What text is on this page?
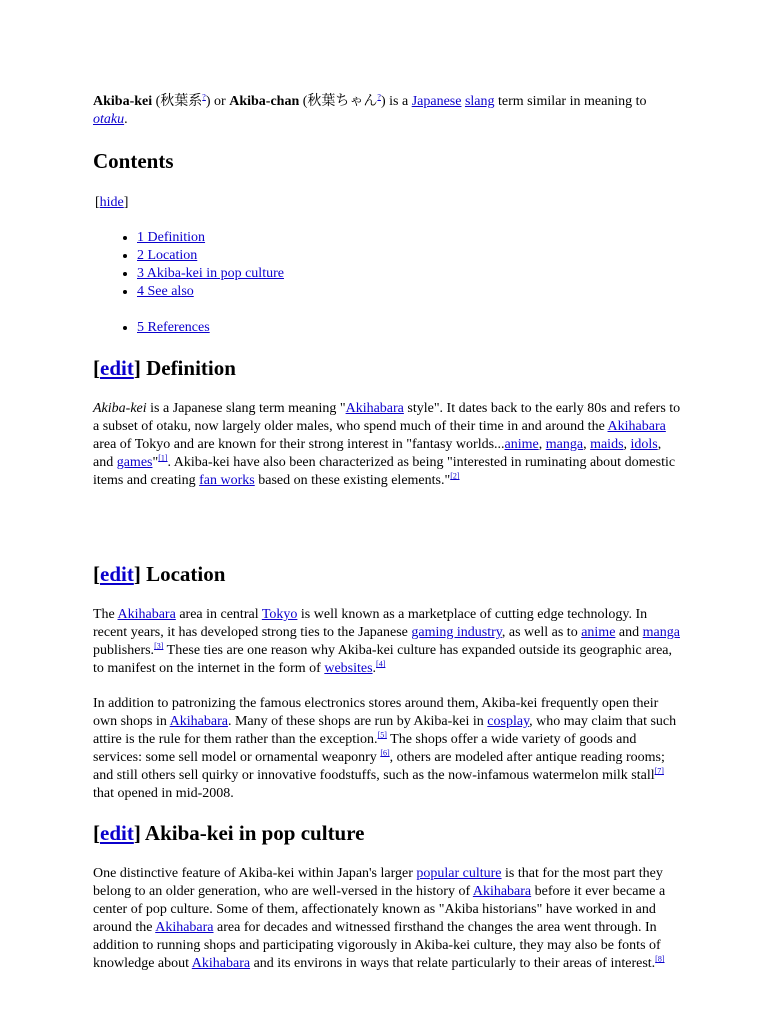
Akiba-kei (秋葉系?) or Akiba-chan (秋葉ちゃん?) is a Japanese slang term similar in meaning to otaku.

Contents

[hide]

• 1 Definition
• 2 Location
• 3 Akiba-kei in pop culture
• 4 See also
• 5 References
[edit] Definition

Akiba-kei is a Japanese slang term meaning "Akihabara style". It dates back to the early 80s and refers to a subset of otaku, now largely older males, who spend much of their time in and around the Akihabara area of Tokyo and are known for their strong interest in "fantasy worlds...anime, manga, maids, idols, and games"[1]. Akiba-kei have also been characterized as being "interested in ruminating about domestic items and creating fan works based on these existing elements."[2]

[edit] Location

The Akihabara area in central Tokyo is well known as a marketplace of cutting edge technology. In recent years, it has developed strong ties to the Japanese gaming industry, as well as to anime and manga publishers.[3] These ties are one reason why Akiba-kei culture has expanded outside its geographic area, to manifest on the internet in the form of websites.[4]

In addition to patronizing the famous electronics stores around them, Akiba-kei frequently open their own shops in Akihabara. Many of these shops are run by Akiba-kei in cosplay, who may claim that such attire is the rule for them rather than the exception.[5] The shops offer a wide variety of goods and services: some sell model or ornamental weaponry [6], others are modeled after antique reading rooms; and still others sell quirky or innovative foodstuffs, such as the now-infamous watermelon milk stall[7] that opened in mid-2008.

[edit] Akiba-kei in pop culture

One distinctive feature of Akiba-kei within Japan's larger popular culture is that for the most part they belong to an older generation, who are well-versed in the history of Akihabara before it ever became a center of pop culture. Some of them, affectionately known as "Akiba historians" have worked in and around the Akihabara area for decades and witnessed firsthand the changes the area went through. In addition to running shops and participating vigorously in Akiba-kei culture, they may also be fonts of knowledge about Akihabara and its environs in ways that relate particularly to their areas of interest.[8]
